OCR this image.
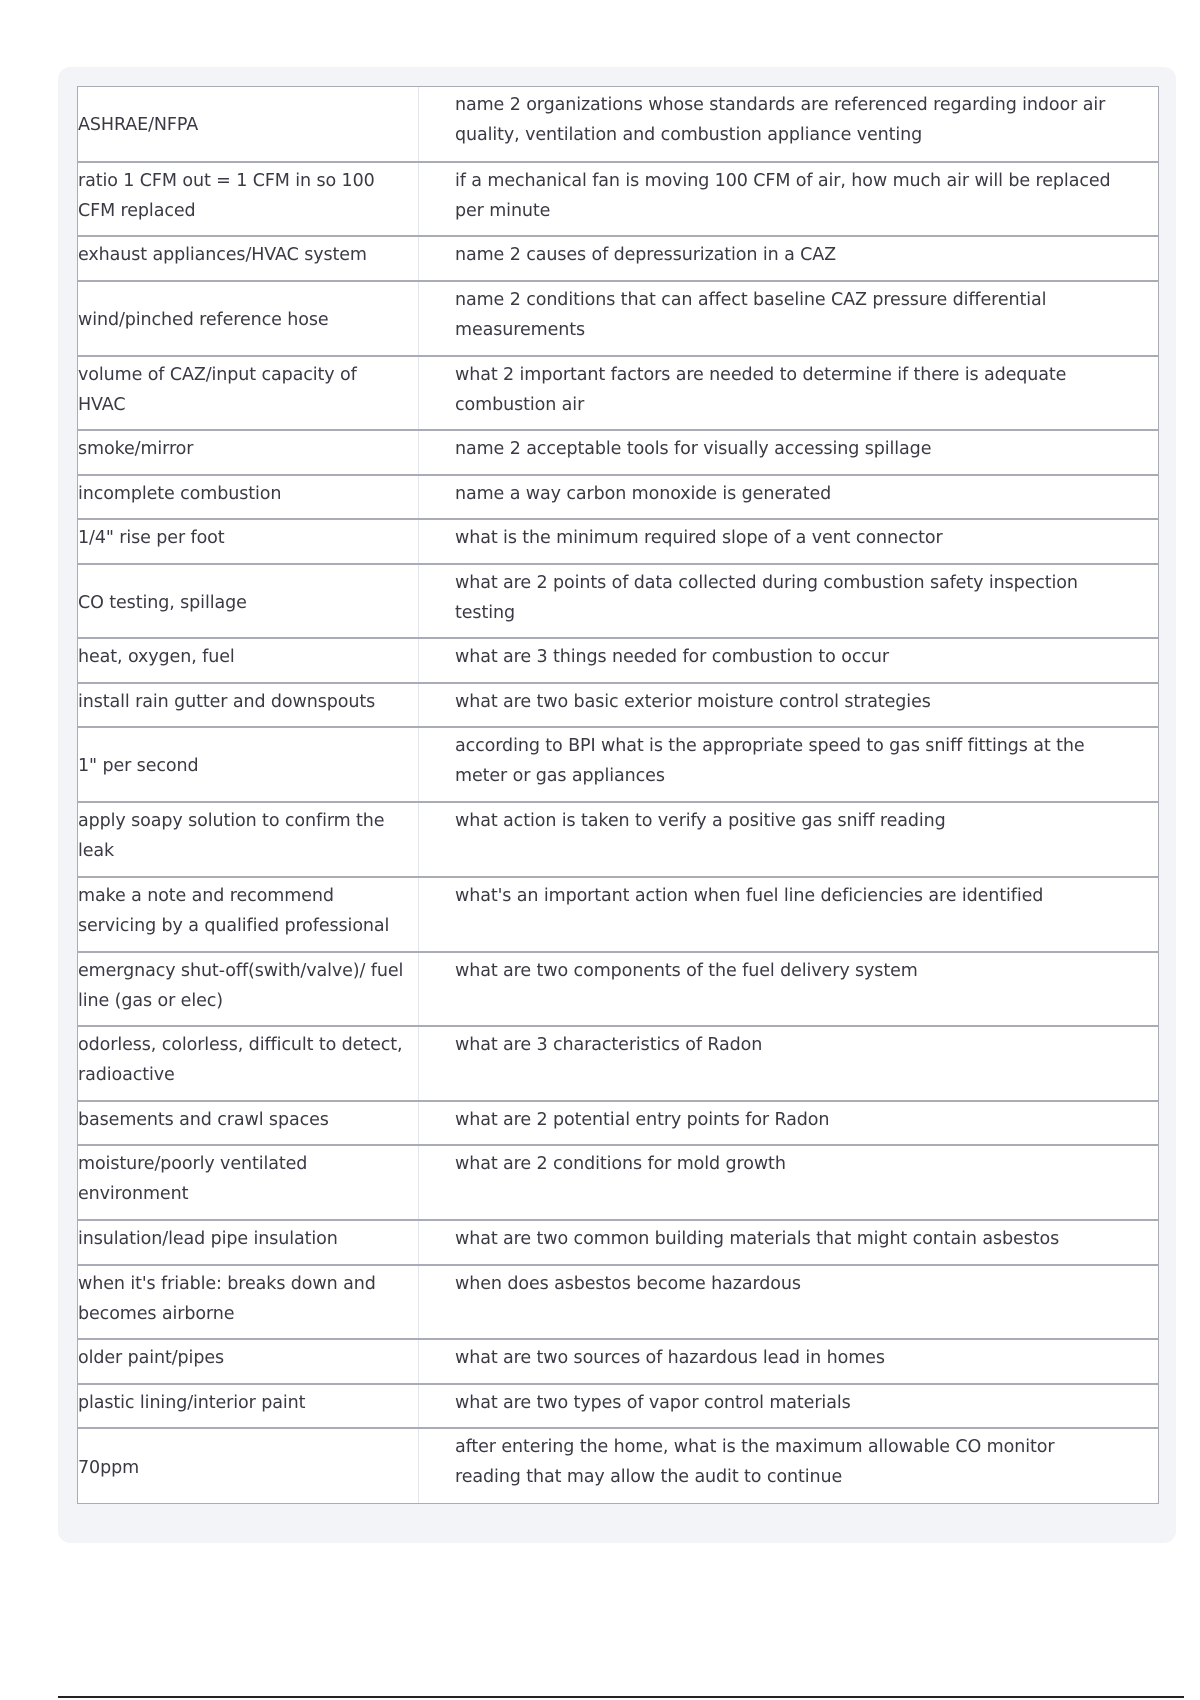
ASHRAE/NFPA	name 2 organizations whose standards are referenced regarding indoor air quality, ventilation and combustion appliance venting
ratio 1 CFM out = 1 CFM in so 100 CFM replaced	if a mechanical fan is moving 100 CFM of air, how much air will be replaced per minute
exhaust appliances/HVAC system	name 2 causes of depressurization in a CAZ
wind/pinched reference hose	name 2 conditions that can affect baseline CAZ pressure differential measurements
volume of CAZ/input capacity of HVAC	what 2 important factors are needed to determine if there is adequate combustion air
smoke/mirror	name 2 acceptable tools for visually accessing spillage
incomplete combustion	name a way carbon monoxide is generated
1/4" rise per foot	what is the minimum required slope of a vent connector
CO testing, spillage	what are 2 points of data collected during combustion safety inspection testing
heat, oxygen, fuel	what are 3 things needed for combustion to occur
install rain gutter and downspouts	what are two basic exterior moisture control strategies
1" per second	according to BPI what is the appropriate speed to gas sniff fittings at the meter or gas appliances
apply soapy solution to confirm the leak	what action is taken to verify a positive gas sniff reading
make a note and recommend servicing by a qualified professional	what's an important action when fuel line deficiencies are identified
emergnacy shut-off(swith/valve)/ fuel line (gas or elec)	what are two components of the fuel delivery system
odorless, colorless, difficult to detect, radioactive	what are 3 characteristics of Radon
basements and crawl spaces	what are 2 potential entry points for Radon
moisture/poorly ventilated environment	what are 2 conditions for mold growth
insulation/lead pipe insulation	what are two common building materials that might contain asbestos
when it's friable: breaks down and becomes airborne	when does asbestos become hazardous
older paint/pipes	what are two sources of hazardous lead in homes
plastic lining/interior paint	what are two types of vapor control materials
70ppm	after entering the home, what is the maximum allowable CO monitor reading that may allow the audit to continue
